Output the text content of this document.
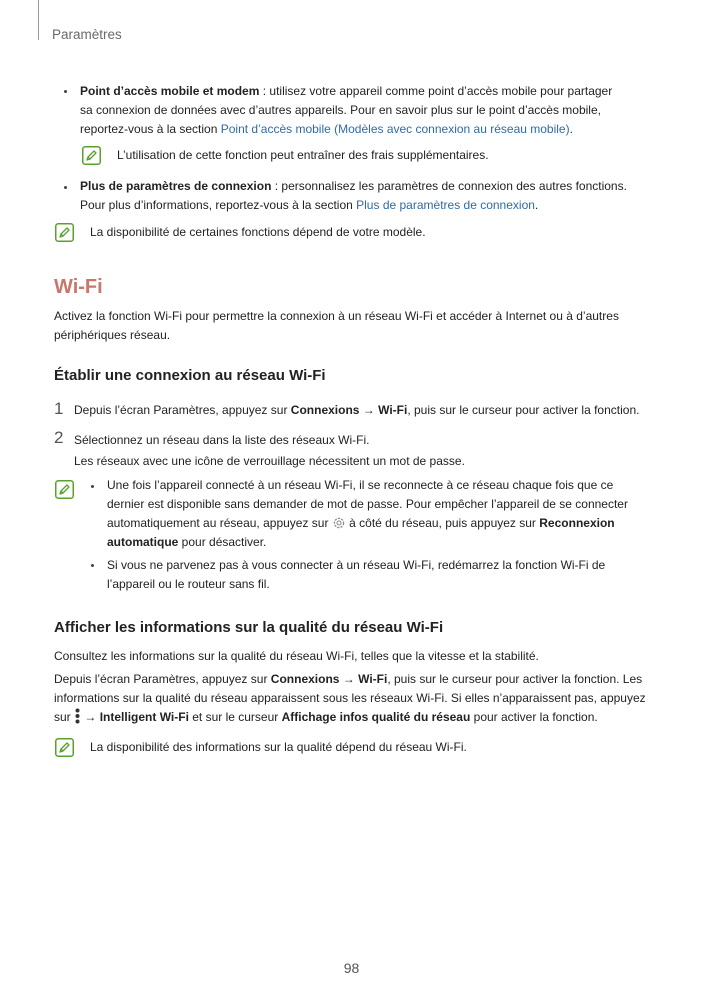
Paramètres
Point d’accès mobile et modem : utilisez votre appareil comme point d’accès mobile pour partager
sa connexion de données avec d’autres appareils. Pour en savoir plus sur le point d’accès mobile,
reportez-vous à la section Point d’accès mobile (Modèles avec connexion au réseau mobile).
L’utilisation de cette fonction peut entraîner des frais supplémentaires.
Plus de paramètres de connexion : personnalisez les paramètres de connexion des autres fonctions.
Pour plus d’informations, reportez-vous à la section Plus de paramètres de connexion.
La disponibilité de certaines fonctions dépend de votre modèle.
Wi-Fi
Activez la fonction Wi-Fi pour permettre la connexion à un réseau Wi-Fi et accéder à Internet ou à d’autres
périphériques réseau.
Établir une connexion au réseau Wi-Fi
1 Depuis l’écran Paramètres, appuyez sur Connexions → Wi-Fi, puis sur le curseur pour activer la fonction.
2 Sélectionnez un réseau dans la liste des réseaux Wi-Fi.
Les réseaux avec une icône de verrouillage nécessitent un mot de passe.
Une fois l’appareil connecté à un réseau Wi-Fi, il se reconnecte à ce réseau chaque fois que ce
dernier est disponible sans demander de mot de passe. Pour empêcher l’appareil de se connecter
automatiquement au réseau, appuyez sur  à côté du réseau, puis appuyez sur Reconnexion
automatique pour désactiver.
Si vous ne parvenez pas à vous connecter à un réseau Wi-Fi, redémarrez la fonction Wi-Fi de
l’appareil ou le routeur sans fil.
Afficher les informations sur la qualité du réseau Wi-Fi
Consultez les informations sur la qualité du réseau Wi-Fi, telles que la vitesse et la stabilité.
Depuis l’écran Paramètres, appuyez sur Connexions → Wi-Fi, puis sur le curseur pour activer la fonction. Les
informations sur la qualité du réseau apparaissent sous les réseaux Wi-Fi. Si elles n’apparaissent pas, appuyez
sur  → Intelligent Wi-Fi et sur le curseur Affichage infos qualité du réseau pour activer la fonction.
La disponibilité des informations sur la qualité dépend du réseau Wi-Fi.
98
